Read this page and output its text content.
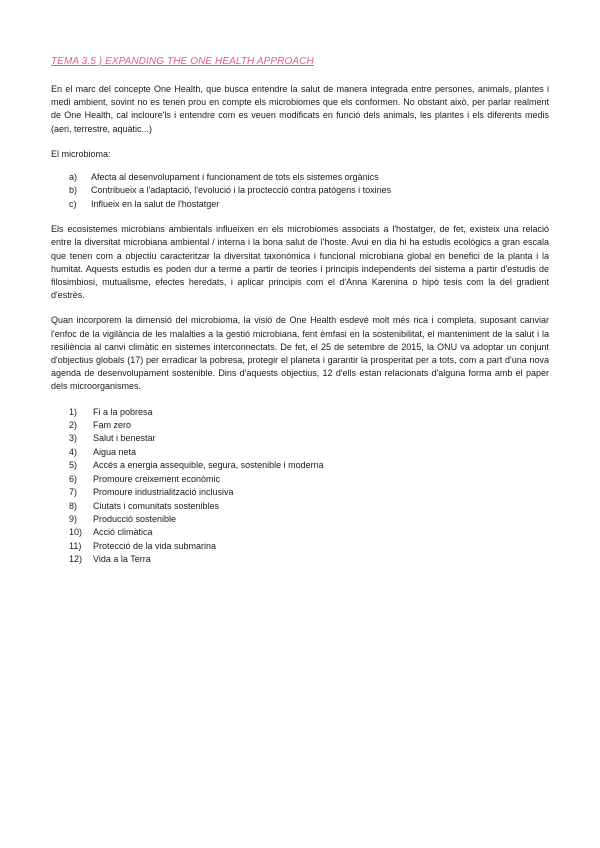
TEMA 3.5 ) EXPANDING THE ONE HEALTH APPROACH

En el marc del concepte One Health, que busca entendre la salut de manera integrada entre persones, animals, plantes i medi ambient, sovint no es tenen prou en compte els microbiomes que els conformen. No obstant això, per parlar realment de One Health, cal incloure'ls i entendre com es veuen modificats en funció dels animals, les plantes i els diferents medis (aeri, terrestre, aquàtic...)

El microbioma:

a)	Afecta al desenvolupament i funcionament de tots els sistemes orgànics
b)	Contribueix a l'adaptació, l'evolució i la proctecció contra patògens i toxines
c)	Influeix en la salut de l'hostatger

Els ecosistemes microbians ambientals influeixen en els microbiomes associats a l'hostatger, de fet, existeix una relació entre la diversitat microbiana ambiental / interna i la bona salut de l'hoste. Avui en dia hi ha estudis ecològics a gran escala que tenen com a objectiu caracteritzar la diversitat taxonòmica i funcional microbiana global en benefici de la planta i la humitat. Aquests estudis es poden dur a terme a partir de teories i principis independents del sistema a partir d'estudis de filosimbiosi, mutualisme, efectes heredats, i aplicar principis com el d'Anna Karenina o hipò tesis com la del gradient d'estrès.

Quan incorporem la dimensió del microbioma, la visió de One Health esdevé molt més rica i completa, suposant canviar l'enfoc de la vigilància de les malalties a la gestió microbiana, fent èmfasi en la sostenibilitat, el manteniment de la salut i la resiliència al canvi climàtic en sistemes interconnectats. De fet, el 25 de setembre de 2015, la ONU va adoptar un conjunt d'objectius globals (17) per erradicar la pobresa, protegir el planeta i garantir la prosperitat per a tots, com a part d'una nova agenda de desenvolupament sostenible. Dins d'aquests objectius, 12 d'ells estan relacionats d'alguna forma amb el paper dels microorganismes.

1)	Fi a la pobresa
2)	Fam zero
3)	Salut i benestar
4)	Aigua neta
5)	Accés a energia assequible, segura, sostenible i moderna
6)	Promoure creixement econòmic
7)	Promoure industrialització inclusiva
8)	Ciutats i comunitats sostenibles
9)	Producció sostenible
10)	Acció climàtica
11)	Protecció de la vida submarina
12)	Vida a la Terra
